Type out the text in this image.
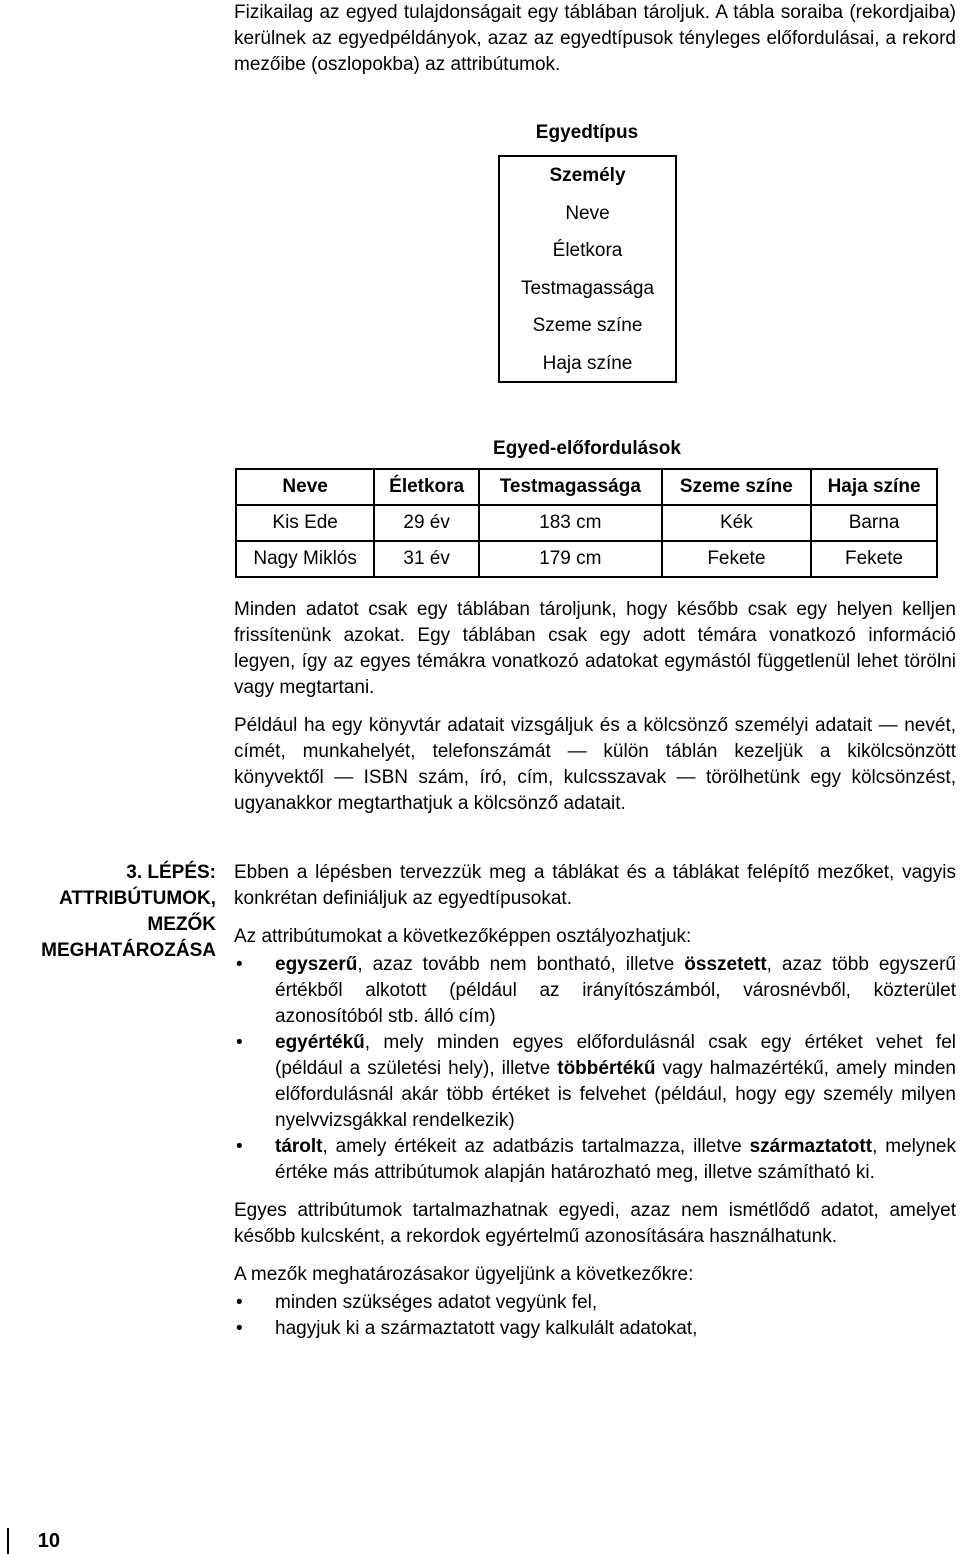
Fizikailag az egyed tulajdonságait egy táblában tároljuk. A tábla soraiba (rekordjaiba) kerülnek az egyedpéldányok, azaz az egyedtípusok tényleges előfordulásai, a rekord mezőibe (oszlopokba) az attribútumok.

Egyedtípus
Személy
Neve
Életkora
Testmagassága
Szeme színe
Haja színe
Egyed-előfordulások
Neve	Életkora	Testmagassága	Szeme színe	Haja színe
Kis Ede	29 év	183 cm	Kék	Barna
Nagy Miklós	31 év	179 cm	Fekete	Fekete

Minden adatot csak egy táblában tároljunk, hogy később csak egy helyen kelljen frissítenünk azokat. Egy táblában csak egy adott témára vonatkozó információ legyen, így az egyes témákra vonatkozó adatokat egymástól függetlenül lehet törölni vagy megtartani.

Például ha egy könyvtár adatait vizsgáljuk és a kölcsönző személyi adatait — nevét, címét, munkahelyét, telefonszámát — külön táblán kezeljük a kikölcsönzött könyvektől — ISBN szám, író, cím, kulcsszavak — törölhetünk egy kölcsönzést, ugyanakkor megtarthatjuk a kölcsönző adatait.

3. LÉPÉS:
ATTRIBÚTUMOK,
MEZŐK
MEGHATÁROZÁSA

Ebben a lépésben tervezzük meg a táblákat és a táblákat felépítő mezőket, vagyis konkrétan definiáljuk az egyedtípusokat.

Az attribútumokat a következőképpen osztályozhatjuk:

• egyszerű, azaz tovább nem bontható, illetve összetett, azaz több egyszerű értékből alkotott (például az irányítószámból, városnévből, közterület azonosítóból stb. álló cím)
• egyértékű, mely minden egyes előfordulásnál csak egy értéket vehet fel (például a születési hely), illetve többértékű vagy halmazértékű, amely minden előfordulásnál akár több értéket is felvehet (például, hogy egy személy milyen nyelvvizsgákkal rendelkezik)
• tárolt, amely értékeit az adatbázis tartalmazza, illetve származtatott, melynek értéke más attribútumok alapján határozható meg, illetve számítható ki.

Egyes attribútumok tartalmazhatnak egyedi, azaz nem ismétlődő adatot, amelyet később kulcsként, a rekordok egyértelmű azonosítására használhatunk.

A mezők meghatározásakor ügyeljünk a következőkre:

• minden szükséges adatot vegyünk fel,
• hagyjuk ki a származtatott vagy kalkulált adatokat,
10
